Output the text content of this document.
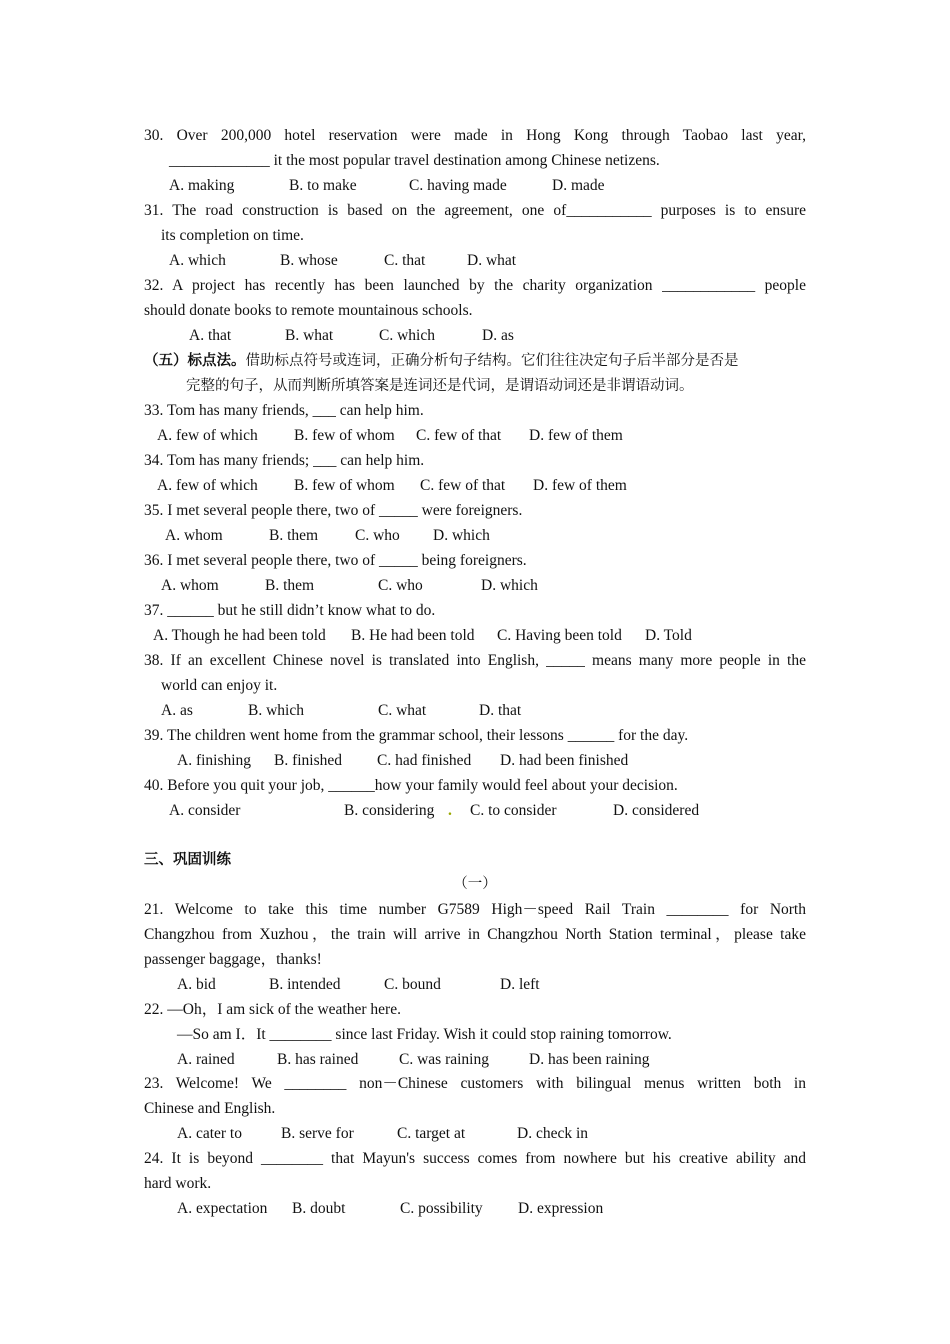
30. Over 200,000 hotel reservation were made in Hong Kong through Taobao last year,
_____________ it the most popular travel destination among Chinese netizens.
A. making	B. to make	C. having made	D. made
31. The road construction is based on the agreement, one of___________ purposes is to ensure
its completion on time.
A. which	B. whose	C. that	D. what
32. A project has recently has been launched by the charity organization ____________ people
should donate books to remote mountainous schools.
A. that	B. what	C. which	D. as
（五）标点法。借助标点符号或连词，正确分析句子结构。它们往往决定句子后半部分是否是
完整的句子，从而判断所填答案是连词还是代词，是谓语动词还是非谓语动词。
33. Tom has many friends, ___ can help him.
A. few of which B. few of whom C. few of that D. few of them
34. Tom has many friends; ___ can help him.
A. few of which B. few of whom C. few of that D. few of them
35. I met several people there, two of _____ were foreigners.
A. whom	B. them C. who D. which
36. I met several people there, two of _____ being foreigners.
A. whom	B. them	C. who	D. which
37. ______ but he still didn’t know what to do.
A. Though he had been told B. He had been told C. Having been told D. Told
38. If an excellent Chinese novel is translated into English, _____ means many more people in the
world can enjoy it.
A. as	B. which	C. what	D. that
39. The children went home from the grammar school, their lessons ______ for the day.
A. finishing B. finished C. had finished D. had been finished
40. Before you quit your job, ______how your family would feel about your decision.
A. consider	B. considering . C. to consider	D. considered
三、巩固训练
（一）
21. Welcome to take this time number G7589 High－speed Rail Train ________ for North
Changzhou from Xuzhou，the train will arrive in Changzhou North Station terminal，please take
passenger baggage，thanks!
A. bid	B. intended	C. bound	D. left
22. —Oh，I am sick of the weather here.
—So am I．It ________ since last Friday. Wish it could stop raining tomorrow.
A. rained	B. has rained	C. was raining	D. has been raining
23. Welcome! We ________ non－Chinese customers with bilingual menus written both in
Chinese and English.
A. cater to	B. serve for	C. target at	D. check in
24. It is beyond ________ that Mayun's success comes from nowhere but his creative ability and
hard work.
A. expectation B. doubt	C. possibility D. expression
